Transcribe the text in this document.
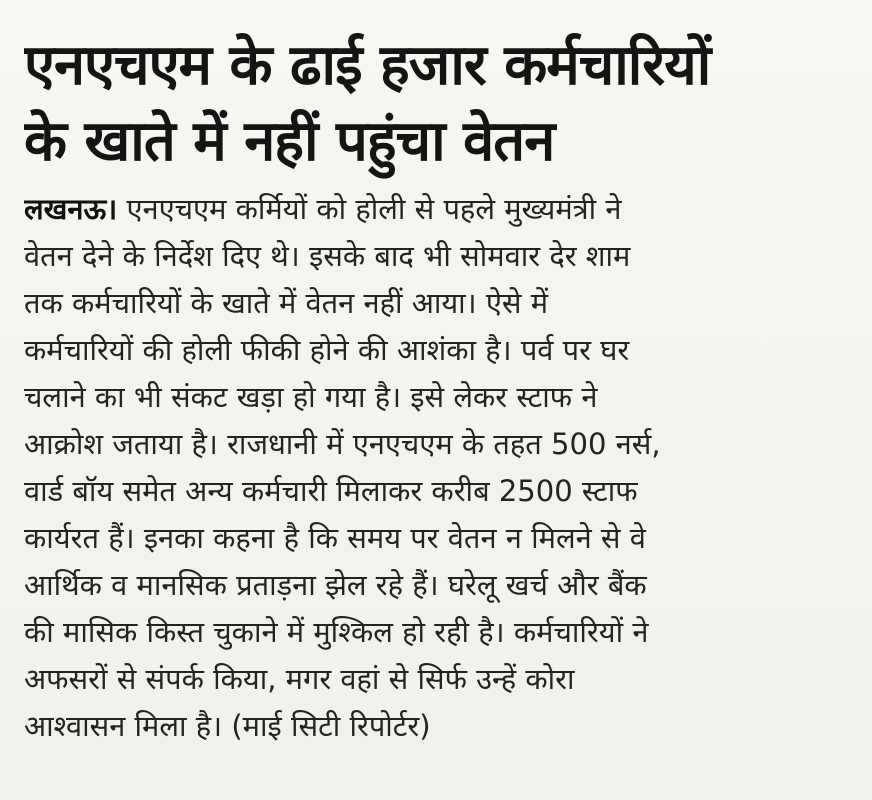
एनएचएम के ढाई हजार कर्मचारियों
के खाते में नहीं पहुंचा वेतन
लखनऊ। एनएचएम कर्मियों को होली से पहले मुख्यमंत्री ने
वेतन देने के निर्देश दिए थे। इसके बाद भी सोमवार देर शाम
तक कर्मचारियों के खाते में वेतन नहीं आया। ऐसे में
कर्मचारियों की होली फीकी होने की आशंका है। पर्व पर घर
चलाने का भी संकट खड़ा हो गया है। इसे लेकर स्टाफ ने
आक्रोश जताया है। राजधानी में एनएचएम के तहत 500 नर्स,
वार्ड बॉय समेत अन्य कर्मचारी मिलाकर करीब 2500 स्टाफ
कार्यरत हैं। इनका कहना है कि समय पर वेतन न मिलने से वे
आर्थिक व मानसिक प्रताड़ना झेल रहे हैं। घरेलू खर्च और बैंक
की मासिक किस्त चुकाने में मुश्किल हो रही है। कर्मचारियों ने
अफसरों से संपर्क किया, मगर वहां से सिर्फ उन्हें कोरा
आश्वासन मिला है। (माई सिटी रिपोर्टर)
